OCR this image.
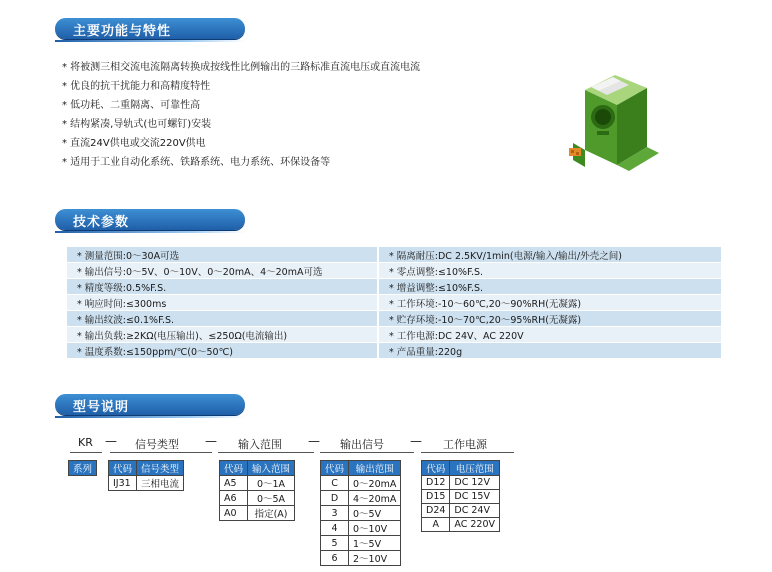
主要功能与特性
* 将被测三相交流电流隔离转换成按线性比例输出的三路标准直流电压或直流电流
* 优良的抗干扰能力和高精度特性
* 低功耗、二重隔离、可靠性高
* 结构紧凑,导轨式(也可螺钉)安装
* 直流24V供电或交流220V供电
* 适用于工业自动化系统、铁路系统、电力系统、环保设备等
技术参数
* 测量范围:0～30A可选		* 隔离耐压:DC 2.5KV/1min(电源/输入/输出/外壳之间)
* 输出信号:0～5V、0～10V、0～20mA、4～20mA可选		* 零点调整:≤10%F.S.
* 精度等级:0.5%F.S.		* 增益调整:≤10%F.S.
* 响应时间:≤300ms		* 工作环境:-10～60℃,20～90%RH(无凝露)
* 输出纹波:≤0.1%F.S.		* 贮存环境:-10～70℃,20～95%RH(无凝露)
* 输出负载:≥2KΩ(电压输出)、≤250Ω(电流输出)		* 工作电源:DC 24V、AC 220V
* 温度系数:≤150ppm/℃(0～50℃)		* 产品重量:220g
型号说明
KR — 信号类型 — 输入范围 — 输出信号 — 工作电源
系列 代码	信号类型
IJ31	三相电流
代码	输入范围
A5	0～1A
A6	0～5A
A0	指定(A)
代码	输出范围
C	0～20mA
D	4～20mA
3	0～5V
4	0～10V
5	1～5V
6	2～10V
代码	电压范围
D12	DC 12V
D15	DC 15V
D24	DC 24V
A	AC 220V
